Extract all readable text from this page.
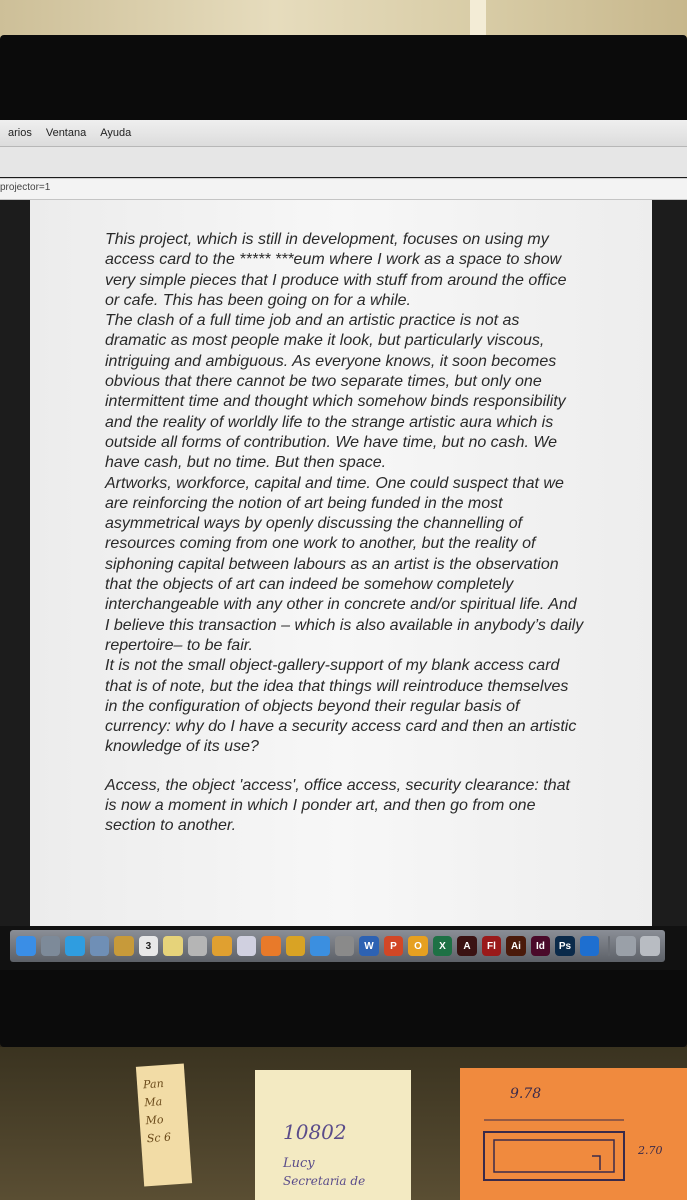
arios Ventana Ayuda
projector=1

This project, which is still in development, focuses on using my access card to the ***** ***eum where I work as a space to show very simple pieces that I produce with stuff from around the office or cafe. This has been going on for a while.

The clash of a full time job and an artistic practice is not as dramatic as most people make it look, but particularly viscous, intriguing and ambiguous. As everyone knows, it soon becomes obvious that there cannot be two separate times, but only one intermittent time and thought which somehow binds responsibility and the reality of worldly life to the strange artistic aura which is outside all forms of contribution. We have time, but no cash. We have cash, but no time. But then space.

Artworks, workforce, capital and time. One could suspect that we are reinforcing the notion of art being funded in the most asymmetrical ways by openly discussing the channelling of resources coming from one work to another, but the reality of siphoning capital between labours as an artist is the observation that the objects of art can indeed be somehow completely interchangeable with any other in concrete and/or spiritual life. And I believe this transaction – which is also available in anybody’s daily repertoire– to be fair.

It is not the small object-gallery-support of my blank access card that is of note, but the idea that things will reintroduce themselves in the configuration of objects beyond their regular basis of currency: why do I have a security access card and then an artistic knowledge of its use?

Access, the object 'access', office access, security clearance: that is now a moment in which I ponder art, and then go from one section to another.

3	W P O X A Fl Ai Id Ps
Pan Ma Mo Sc 6	10802
Lucy
Secretaria de
9.78
2.70
